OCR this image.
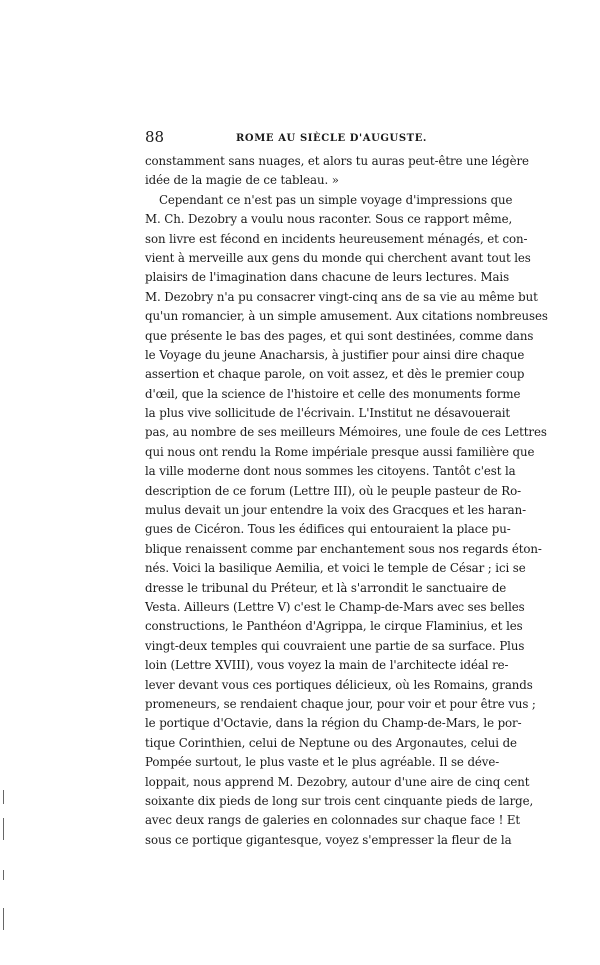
88	ROME AU SIÈCLE D'AUGUSTE.
constamment sans nuages, et alors tu auras peut-être une légère
idée de la magie de ce tableau. »
Cependant ce n'est pas un simple voyage d'impressions que
M. Ch. Dezobry a voulu nous raconter. Sous ce rapport même,
son livre est fécond en incidents heureusement ménagés, et con-
vient à merveille aux gens du monde qui cherchent avant tout les
plaisirs de l'imagination dans chacune de leurs lectures. Mais
M. Dezobry n'a pu consacrer vingt-cinq ans de sa vie au même but
qu'un romancier, à un simple amusement. Aux citations nombreuses
que présente le bas des pages, et qui sont destinées, comme dans
le Voyage du jeune Anacharsis, à justifier pour ainsi dire chaque
assertion et chaque parole, on voit assez, et dès le premier coup
d'œil, que la science de l'histoire et celle des monuments forme
la plus vive sollicitude de l'écrivain. L'Institut ne désavouerait
pas, au nombre de ses meilleurs Mémoires, une foule de ces Lettres
qui nous ont rendu la Rome impériale presque aussi familière que
la ville moderne dont nous sommes les citoyens. Tantôt c'est la
description de ce forum (Lettre III), où le peuple pasteur de Ro-
mulus devait un jour entendre la voix des Gracques et les haran-
gues de Cicéron. Tous les édifices qui entouraient la place pu-
blique renaissent comme par enchantement sous nos regards éton-
nés. Voici la basilique Aemilia, et voici le temple de César ; ici se
dresse le tribunal du Préteur, et là s'arrondit le sanctuaire de
Vesta. Ailleurs (Lettre V) c'est le Champ-de-Mars avec ses belles
constructions, le Panthéon d'Agrippa, le cirque Flaminius, et les
vingt-deux temples qui couvraient une partie de sa surface. Plus
loin (Lettre XVIII), vous voyez la main de l'architecte idéal re-
lever devant vous ces portiques délicieux, où les Romains, grands
promeneurs, se rendaient chaque jour, pour voir et pour être vus ;
le portique d'Octavie, dans la région du Champ-de-Mars, le por-
tique Corinthien, celui de Neptune ou des Argonautes, celui de
Pompée surtout, le plus vaste et le plus agréable. Il se déve-
loppait, nous apprend M. Dezobry, autour d'une aire de cinq cent
soixante dix pieds de long sur trois cent cinquante pieds de large,
avec deux rangs de galeries en colonnades sur chaque face ! Et
sous ce portique gigantesque, voyez s'empresser la fleur de la
